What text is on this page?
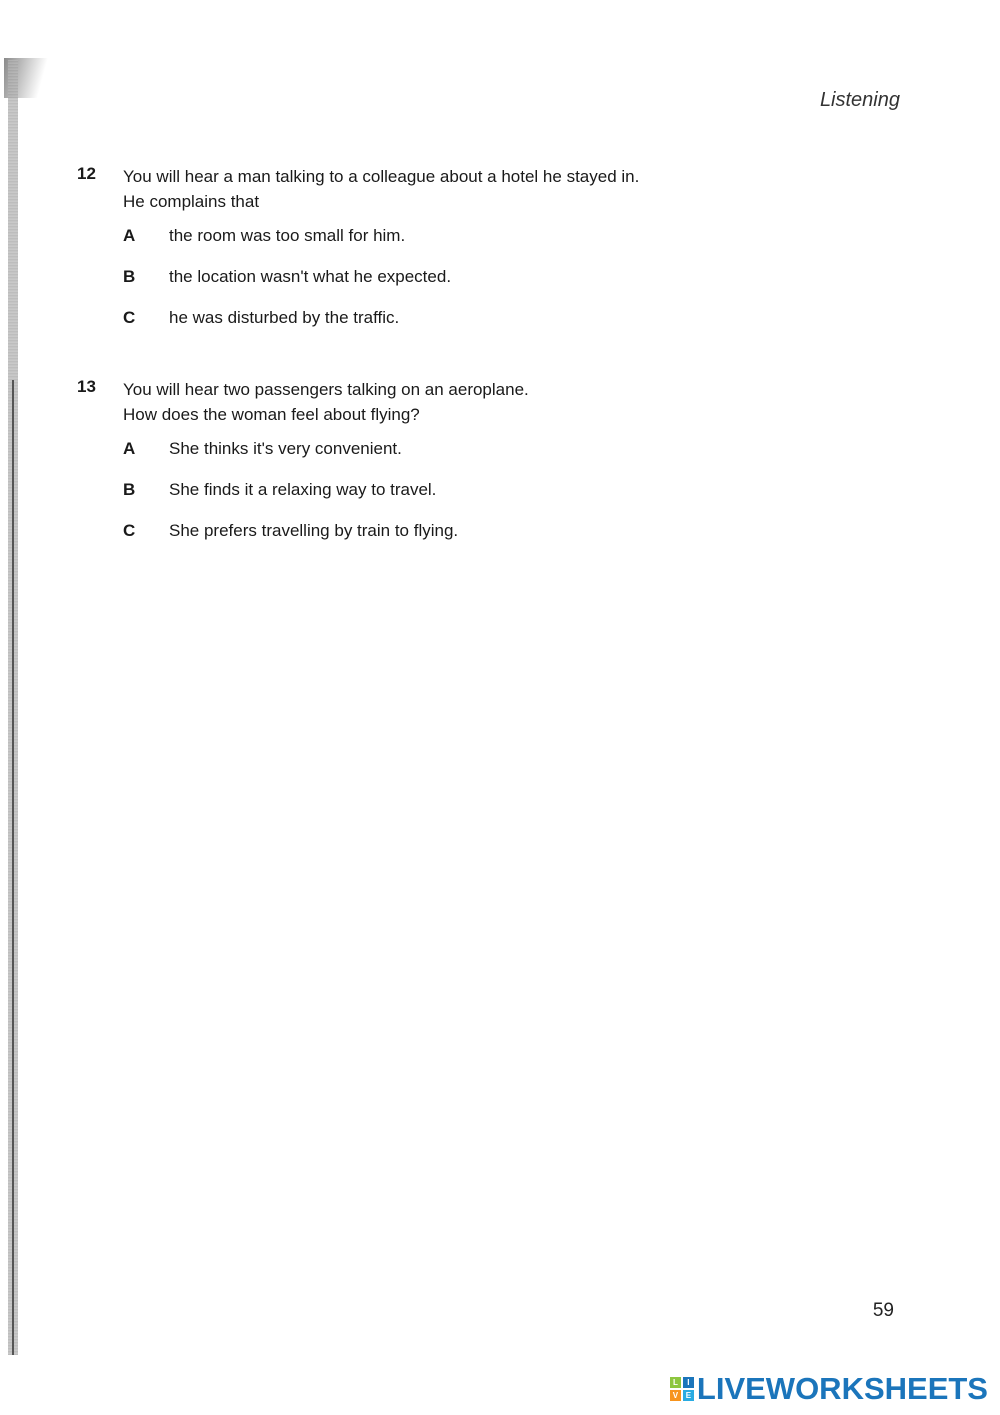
Listening
12 You will hear a man talking to a colleague about a hotel he stayed in.
He complains that
A the room was too small for him.
B the location wasn't what he expected.
C he was disturbed by the traffic.
13 You will hear two passengers talking on an aeroplane.
How does the woman feel about flying?
A She thinks it's very convenient.
B She finds it a relaxing way to travel.
C She prefers travelling by train to flying.
59
L	I
V E LIVEWORKSHEETS
